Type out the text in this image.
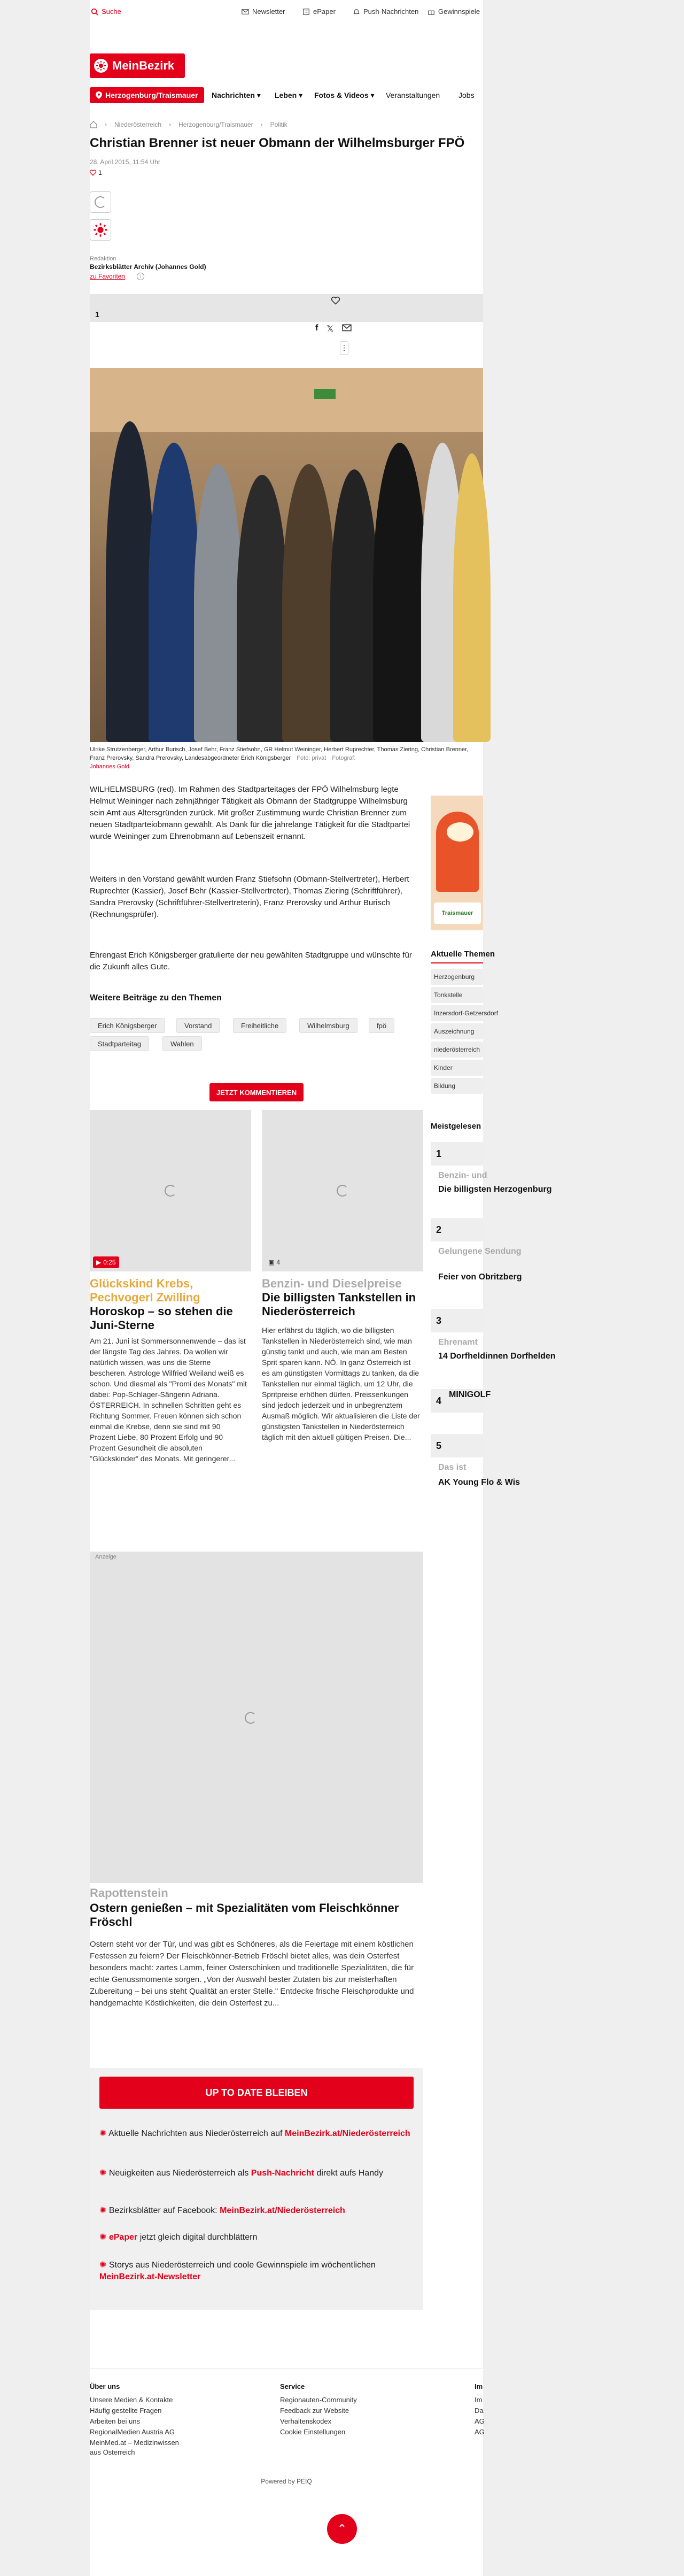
Suche	Newsletter	ePaper	Push-Nachrichten	Gewinnspiele
MeinBezirk
Herzogenburg/Traismauer Nachrichten ▾ Leben ▾ Fotos & Videos ▾ Veranstaltungen Jobs
› Niederösterreich › Herzogenburg/Traismauer › Politik
Christian Brenner ist neuer Obmann der Wilhelmsburger FPÖ
28. April 2015, 11:54 Uhr
1
Redaktion
Bezirksblätter Archiv (Johannes Gold)
zu Favoriten	i
1
f 𝕏
⋮
Ulrike Strutzenberger, Arthur Burisch, Josef Behr, Franz Stiefsohn, GR Helmut Weininger, Herbert Ruprechter, Thomas Ziering, Christian Brenner, Franz Prerovsky, Sandra Prerovsky, Landesabgeordneter Erich Königsberger Foto: privat Fotograf:
Johannes Gold
WILHELMSBURG (red). Im Rahmen des Stadtparteitages der FPÖ Wilhelmsburg legte Helmut Weininger nach zehnjähriger Tätigkeit als Obmann der Stadtgruppe Wilhelmsburg sein Amt aus Altersgründen zurück. Mit großer Zustimmung wurde Christian Brenner zum neuen Stadtparteiobmann gewählt. Als Dank für die jahrelange Tätigkeit für die Stadtpartei wurde Weininger zum Ehrenobmann auf Lebenszeit ernannt.
Weiters in den Vorstand gewählt wurden Franz Stiefsohn (Obmann-Stellvertreter), Herbert Ruprechter (Kassier), Josef Behr (Kassier-Stellvertreter), Thomas Ziering (Schriftführer), Sandra Prerovsky (Schriftführer-Stellvertreterin), Franz Prerovsky und Arthur Burisch (Rechnungsprüfer).
Ehrengast Erich Königsberger gratulierte der neu gewählten Stadtgruppe und wünschte für die Zukunft alles Gute.
Traismauer
Aktuelle Themen
Herzogenburg
Tonkstelle
Inzersdorf-Getzersdorf
Auszeichnung
niederösterreich
Kinder
Bildung
Weitere Beiträge zu den Themen
Erich Königsberger	Vorstand	Freiheitliche	Wilhelmsburg	fpö
Stadtparteitag	Wahlen
JETZT KOMMENTIEREN
▶ 0:25
Glückskind Krebs, Pechvogerl Zwilling
Horoskop – so stehen die Juni-Sterne
Am 21. Juni ist Sommersonnenwende – das ist der längste Tag des Jahres. Da wollen wir natürlich wissen, was uns die Sterne bescheren. Astrologe Wilfried Weiland weiß es schon. Und diesmal als "Promi des Monats" mit dabei: Pop-Schlager-Sängerin Adriana. ÖSTERREICH. In schnellen Schritten geht es Richtung Sommer. Freuen können sich schon einmal die Krebse, denn sie sind mit 90 Prozent Liebe, 80 Prozent Erfolg und 90 Prozent Gesundheit die absoluten "Glückskinder" des Monats. Mit geringerer...
▣ 4
Benzin- und Dieselpreise
Die billigsten Tankstellen in Niederösterreich
Hier erfährst du täglich, wo die billigsten Tankstellen in Niederösterreich sind, wie man günstig tankt und auch, wie man am Besten Sprit sparen kann. NÖ. In ganz Österreich ist es am günstigsten Vormittags zu tanken, da die Tankstellen nur einmal täglich, um 12 Uhr, die Spritpreise erhöhen dürfen. Preissenkungen sind jedoch jederzeit und in unbegrenztem Ausmaß möglich. Wir aktualisieren die Liste der günstigsten Tankstellen in Niederösterreich täglich mit den aktuell gültigen Preisen. Die...
Meistgelesen
1
Benzin- und
Die billigsten Herzogenburg
2
Gelungene Sendung
Feier von Obritzberg
3
Ehrenamt
14 Dorfheldinnen Dorfhelden
4
MINIGOLF
5
Das ist
AK Young Flo & Wis
Anzeige
Rapottenstein
Ostern genießen – mit Spezialitäten vom Fleischkönner Fröschl
Ostern steht vor der Tür, und was gibt es Schöneres, als die Feiertage mit einem köstlichen Festessen zu feiern? Der Fleischkönner-Betrieb Fröschl bietet alles, was dein Osterfest besonders macht: zartes Lamm, feiner Osterschinken und traditionelle Spezialitäten, die für echte Genussmomente sorgen. „Von der Auswahl bester Zutaten bis zur meisterhaften Zubereitung – bei uns steht Qualität an erster Stelle." Entdecke frische Fleischprodukte und handgemachte Köstlichkeiten, die dein Osterfest zu...
UP TO DATE BLEIBEN
✺ Aktuelle Nachrichten aus Niederösterreich auf MeinBezirk.at/Niederösterreich
✺ Neuigkeiten aus Niederösterreich als Push-Nachricht direkt aufs Handy
✺ Bezirksblätter auf Facebook: MeinBezirk.at/Niederösterreich
✺ ePaper jetzt gleich digital durchblättern
✺ Storys aus Niederösterreich und coole Gewinnspiele im wöchentlichen MeinBezirk.at-Newsletter
Über uns
Unsere Medien & Kontakte
Häufig gestellte Fragen
Arbeiten bei uns
RegionalMedien Austria AG
MeinMed.at – Medizinwissen
aus Österreich
Service
Regionauten-Community
Feedback zur Website
Verhaltenskodex
Cookie Einstellungen
Im
Im
Da
AG
AG
Powered by PEIQ
⌃
